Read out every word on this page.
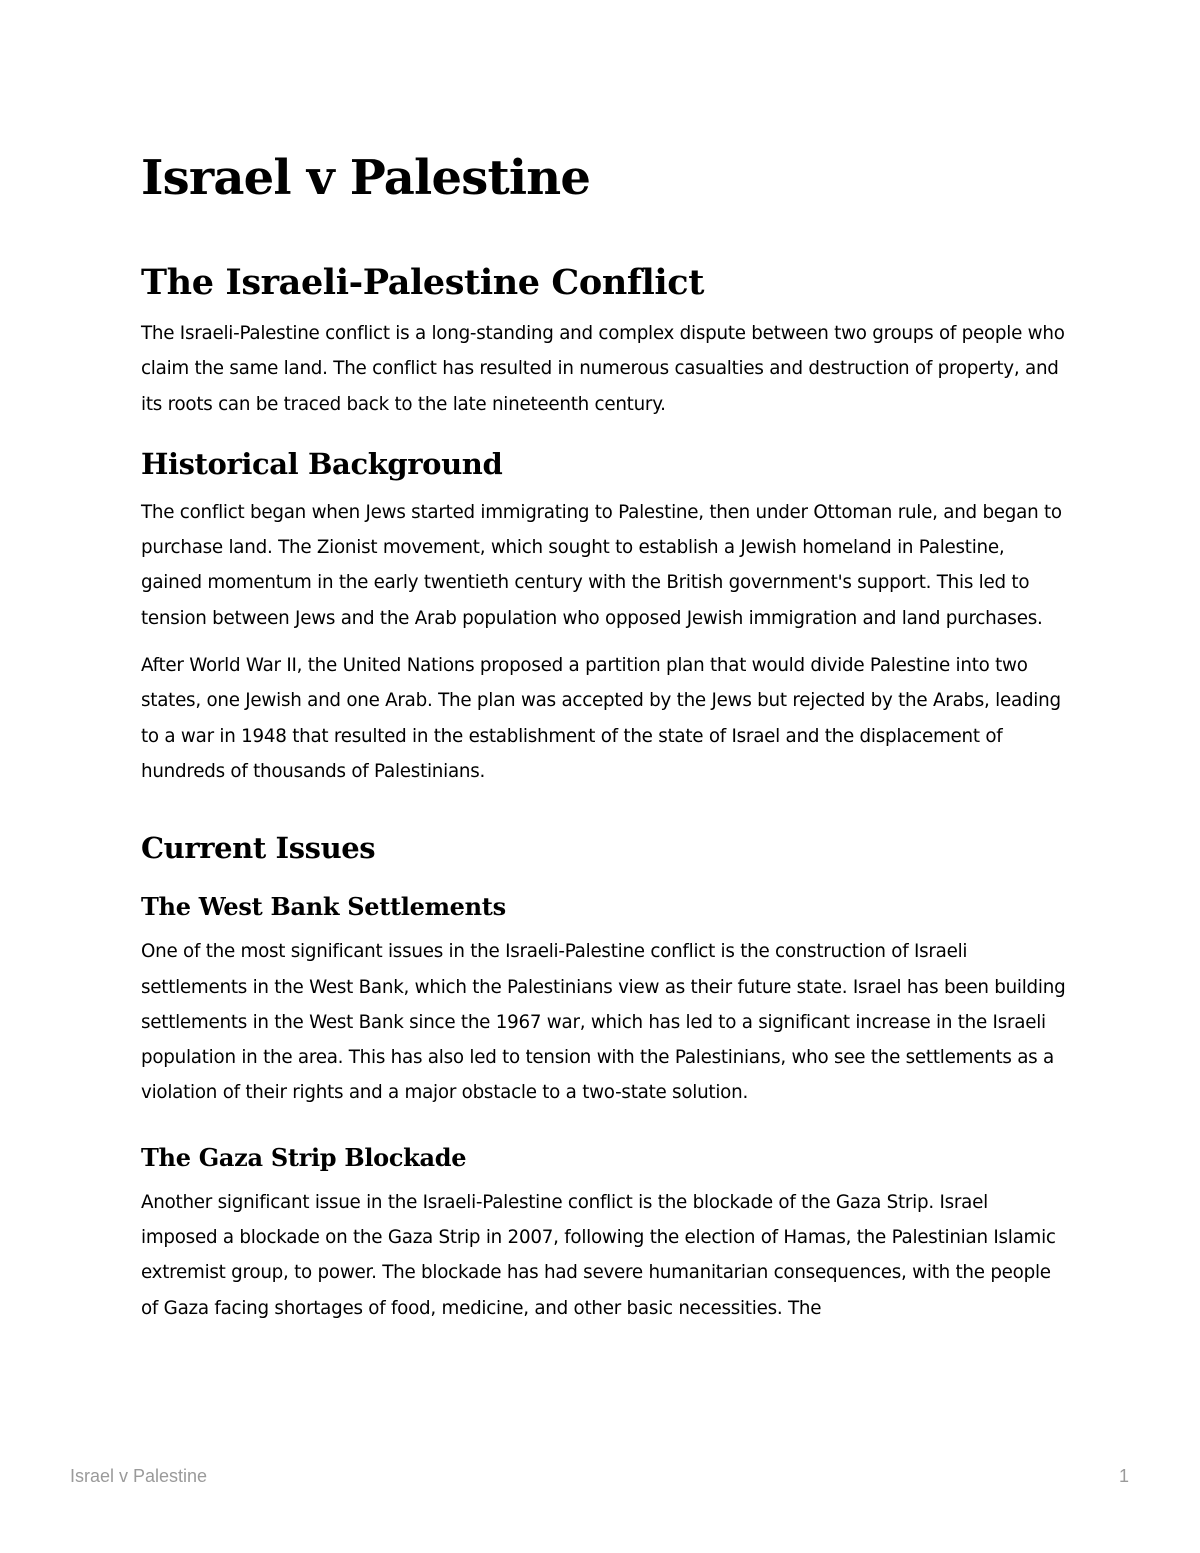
Israel v Palestine
The Israeli-Palestine Conflict

The Israeli-Palestine conflict is a long-standing and complex dispute between two groups of people who claim the same land. The conflict has resulted in numerous casualties and destruction of property, and its roots can be traced back to the late nineteenth century.

Historical Background

The conflict began when Jews started immigrating to Palestine, then under Ottoman rule, and began to purchase land. The Zionist movement, which sought to establish a Jewish homeland in Palestine, gained momentum in the early twentieth century with the British government's support. This led to tension between Jews and the Arab population who opposed Jewish immigration and land purchases.

After World War II, the United Nations proposed a partition plan that would divide Palestine into two states, one Jewish and one Arab. The plan was accepted by the Jews but rejected by the Arabs, leading to a war in 1948 that resulted in the establishment of the state of Israel and the displacement of hundreds of thousands of Palestinians.

Current Issues
The West Bank Settlements

One of the most significant issues in the Israeli-Palestine conflict is the construction of Israeli settlements in the West Bank, which the Palestinians view as their future state. Israel has been building settlements in the West Bank since the 1967 war, which has led to a significant increase in the Israeli population in the area. This has also led to tension with the Palestinians, who see the settlements as a violation of their rights and a major obstacle to a two-state solution.

The Gaza Strip Blockade

Another significant issue in the Israeli-Palestine conflict is the blockade of the Gaza Strip. Israel imposed a blockade on the Gaza Strip in 2007, following the election of Hamas, the Palestinian Islamic extremist group, to power. The blockade has had severe humanitarian consequences, with the people of Gaza facing shortages of food, medicine, and other basic necessities. The

Israel v Palestine	1
